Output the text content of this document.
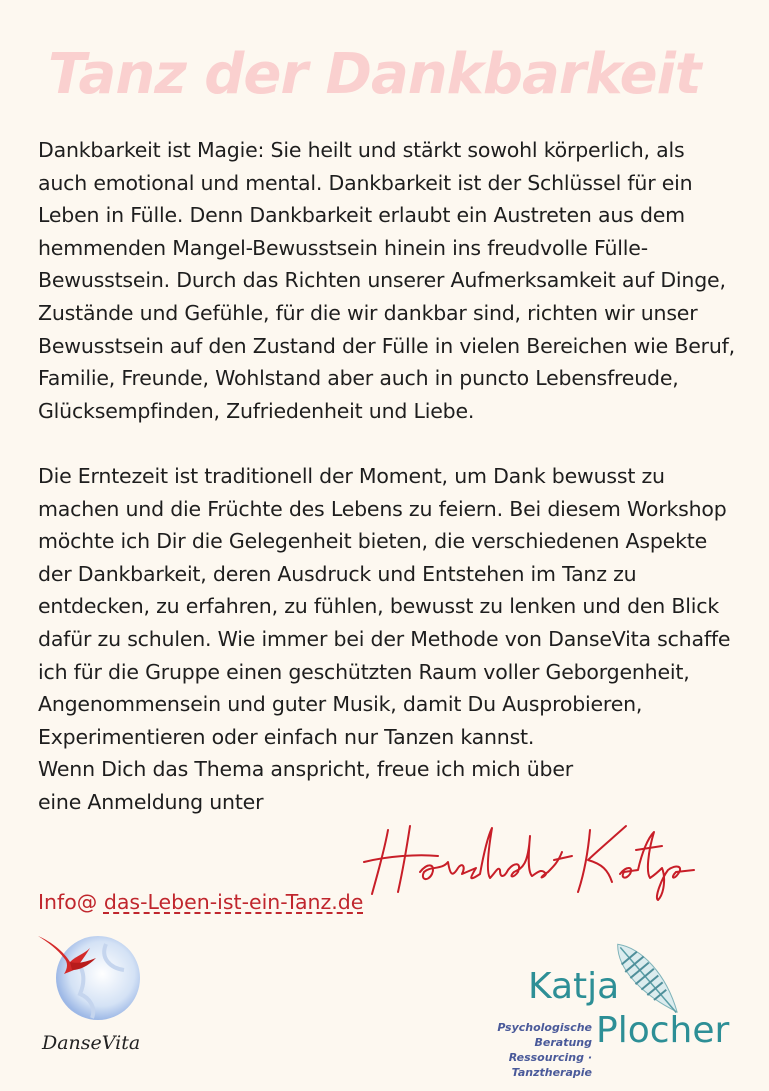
Tanz der Dankbarkeit

Dankbarkeit ist Magie: Sie heilt und stärkt sowohl körperlich, als auch emotional und mental. Dankbarkeit ist der Schlüssel für ein Leben in Fülle. Denn Dankbarkeit erlaubt ein Austreten aus dem hemmenden Mangel-Bewusstsein hinein ins freudvolle Fülle-Bewusstsein. Durch das Richten unserer Aufmerksamkeit auf Dinge, Zustände und Gefühle, für die wir dankbar sind, richten wir unser Bewusstsein auf den Zustand der Fülle in vielen Bereichen wie Beruf, Familie, Freunde, Wohlstand aber auch in puncto Lebensfreude, Glücksempfinden, Zufriedenheit und Liebe.

Die Erntezeit ist traditionell der Moment, um Dank bewusst zu machen und die Früchte des Lebens zu feiern. Bei diesem Workshop möchte ich Dir die Gelegenheit bieten, die verschiedenen Aspekte der Dankbarkeit, deren Ausdruck und Entstehen im Tanz zu entdecken, zu erfahren, zu fühlen, bewusst zu lenken und den Blick dafür zu schulen. Wie immer bei der Methode von DanseVita schaffe ich für die Gruppe einen geschützten Raum voller Geborgenheit, Angenommensein und guter Musik, damit Du Ausprobieren, Experimentieren oder einfach nur Tanzen kannst.

Wenn Dich das Thema anspricht, freue ich mich über

eine Anmeldung unter

Info@ das-Leben-ist-ein-Tanz.de
DanseVita
Katja
Plocher
Psychologische Beratung
Ressourcing · Tanztherapie
